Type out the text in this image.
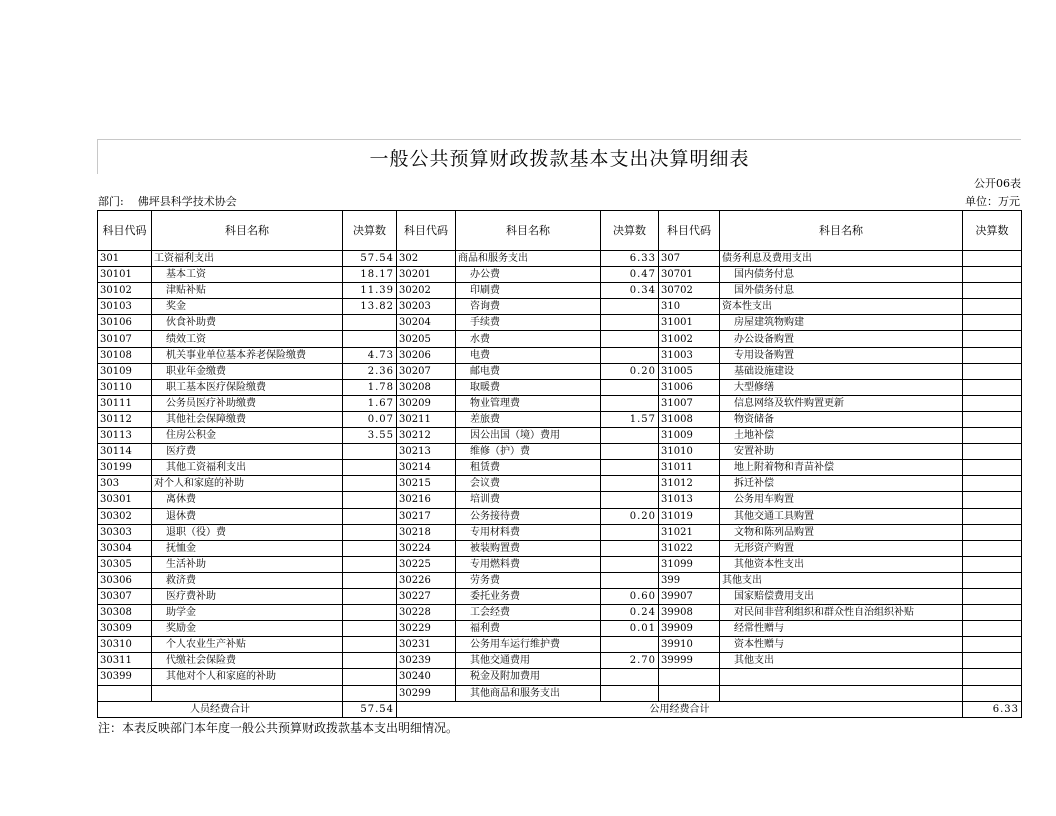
一般公共预算财政拨款基本支出决算明细表
公开06表
部门: 佛坪县科学技术协会	单位：万元
科目代码	科目名称	决算数	科目代码	科目名称	决算数	科目代码	科目名称	决算数
301	工资福利支出	57.54	302	商品和服务支出	6.33	307	债务利息及费用支出	
30101	基本工资	18.17	30201	办公费	0.47	30701	国内债务付息	
30102	津贴补贴	11.39	30202	印刷费	0.34	30702	国外债务付息	
30103	奖金	13.82	30203	咨询费		310	资本性支出	
30106	伙食补助费		30204	手续费		31001	房屋建筑物购建	
30107	绩效工资		30205	水费		31002	办公设备购置	
30108	机关事业单位基本养老保险缴费	4.73	30206	电费		31003	专用设备购置	
30109	职业年金缴费	2.36	30207	邮电费	0.20	31005	基础设施建设	
30110	职工基本医疗保险缴费	1.78	30208	取暖费		31006	大型修缮	
30111	公务员医疗补助缴费	1.67	30209	物业管理费		31007	信息网络及软件购置更新	
30112	其他社会保障缴费	0.07	30211	差旅费	1.57	31008	物资储备	
30113	住房公积金	3.55	30212	因公出国（境）费用		31009	土地补偿	
30114	医疗费		30213	维修（护）费		31010	安置补助	
30199	其他工资福利支出		30214	租赁费		31011	地上附着物和青苗补偿	
303	对个人和家庭的补助		30215	会议费		31012	拆迁补偿	
30301	离休费		30216	培训费		31013	公务用车购置	
30302	退休费		30217	公务接待费	0.20	31019	其他交通工具购置	
30303	退职（役）费		30218	专用材料费		31021	文物和陈列品购置	
30304	抚恤金		30224	被装购置费		31022	无形资产购置	
30305	生活补助		30225	专用燃料费		31099	其他资本性支出	
30306	救济费		30226	劳务费		399	其他支出	
30307	医疗费补助		30227	委托业务费	0.60	39907	国家赔偿费用支出	
30308	助学金		30228	工会经费	0.24	39908	对民间非营利组织和群众性自治组织补贴	
30309	奖励金		30229	福利费	0.01	39909	经常性赠与	
30310	个人农业生产补贴		30231	公务用车运行维护费		39910	资本性赠与	
30311	代缴社会保险费		30239	其他交通费用	2.70	39999	其他支出	
30399	其他对个人和家庭的补助		30240	税金及附加费用				
			30299	其他商品和服务支出				
人员经费合计		57.54	公用经费合计					6.33
注：本表反映部门本年度一般公共预算财政拨款基本支出明细情况。
